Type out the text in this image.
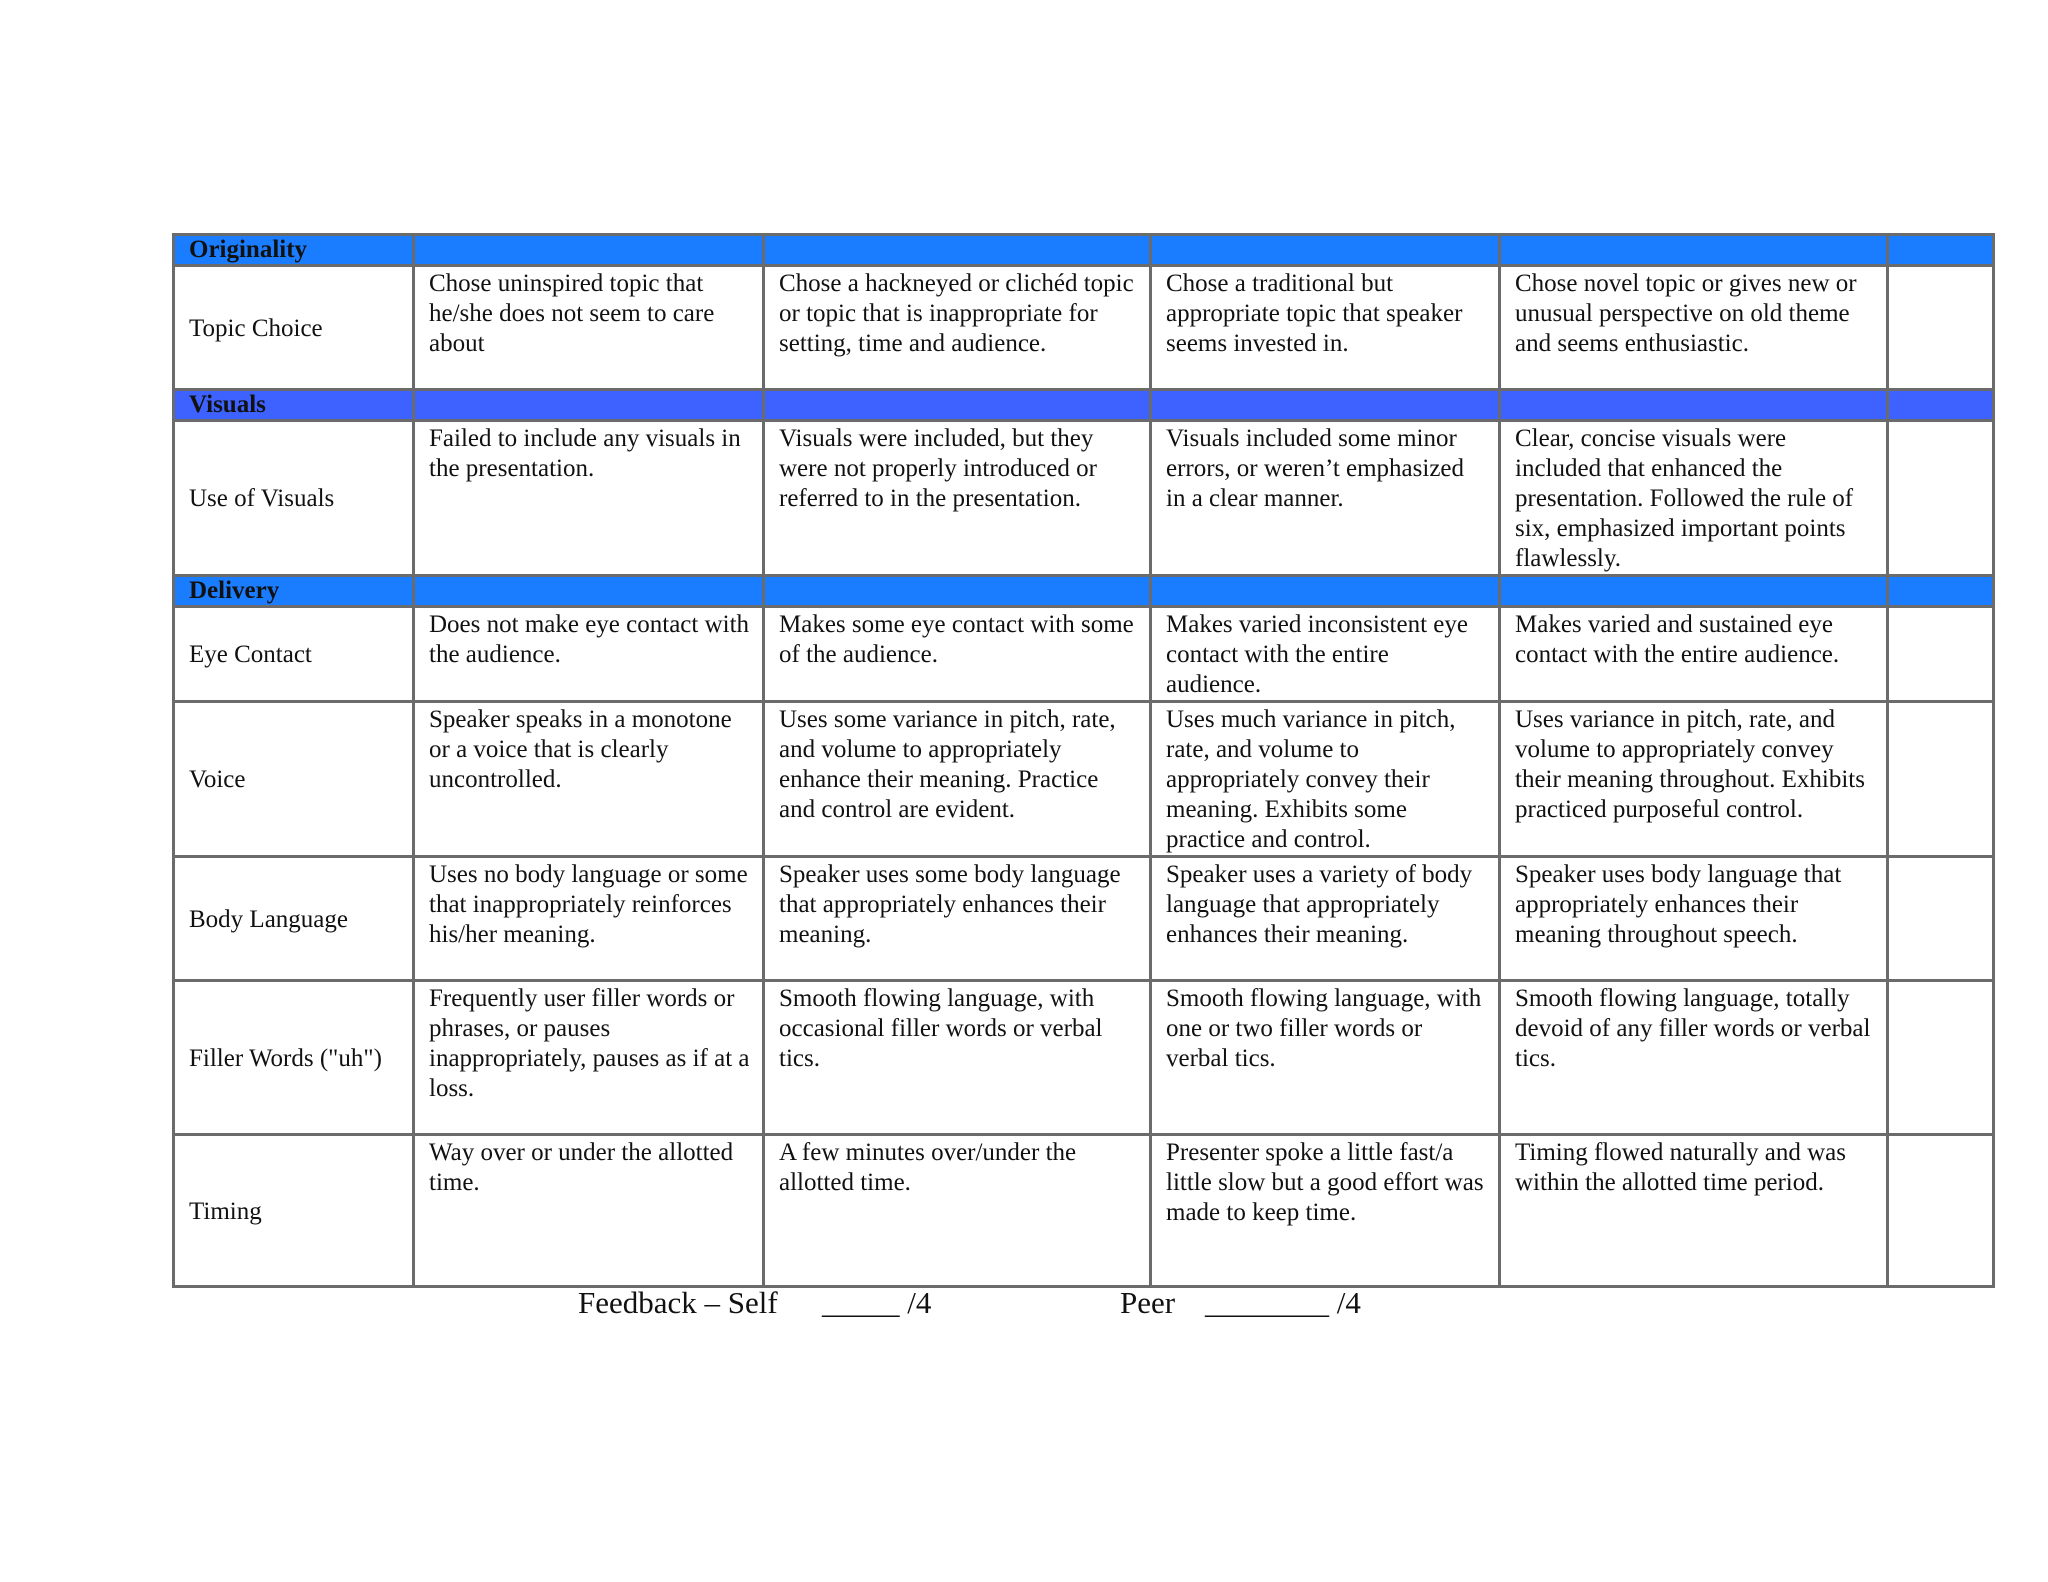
Originality					
Topic Choice	Chose uninspired topic that he/she does not seem to care about	Chose a hackneyed or clichéd topic or topic that is inappropriate for setting, time and audience.	Chose a traditional but appropriate topic that speaker seems invested in.	Chose novel topic or gives new or unusual perspective on old theme and seems enthusiastic.	
Visuals					
Use of Visuals	Failed to include any visuals in the presentation.	Visuals were included, but they were not properly introduced or referred to in the presentation.	Visuals included some minor errors, or weren’t emphasized in a clear manner.	Clear, concise visuals were included that enhanced the presentation. Followed the rule of six, emphasized important points flawlessly.	
Delivery					
Eye Contact	Does not make eye contact with the audience.	Makes some eye contact with some of the audience.	Makes varied inconsistent eye contact with the entire audience.	Makes varied and sustained eye contact with the entire audience.	
Voice	Speaker speaks in a monotone or a voice that is clearly uncontrolled.	Uses some variance in pitch, rate, and volume to appropriately enhance their meaning. Practice and control are evident.	Uses much variance in pitch, rate, and volume to appropriately convey their meaning. Exhibits some practice and control.	Uses variance in pitch, rate, and volume to appropriately convey their meaning throughout. Exhibits practiced purposeful control.	
Body Language	Uses no body language or some that inappropriately reinforces his/her meaning.	Speaker uses some body language that appropriately enhances their meaning.	Speaker uses a variety of body language that appropriately enhances their meaning.	Speaker uses body language that appropriately enhances their meaning throughout speech.	
Filler Words ("uh")	Frequently user filler words or phrases, or pauses inappropriately, pauses as if at a loss.	Smooth flowing language, with occasional filler words or verbal tics.	Smooth flowing language, with one or two filler words or verbal tics.	Smooth flowing language, totally devoid of any filler words or verbal tics.	
Timing	Way over or under the allotted time.	A few minutes over/under the allotted time.	Presenter spoke a little fast/a little slow but a good effort was made to keep time.	Timing flowed naturally and was within the allotted time period.	
Feedback – Self _____ /4	Peer ________ /4
